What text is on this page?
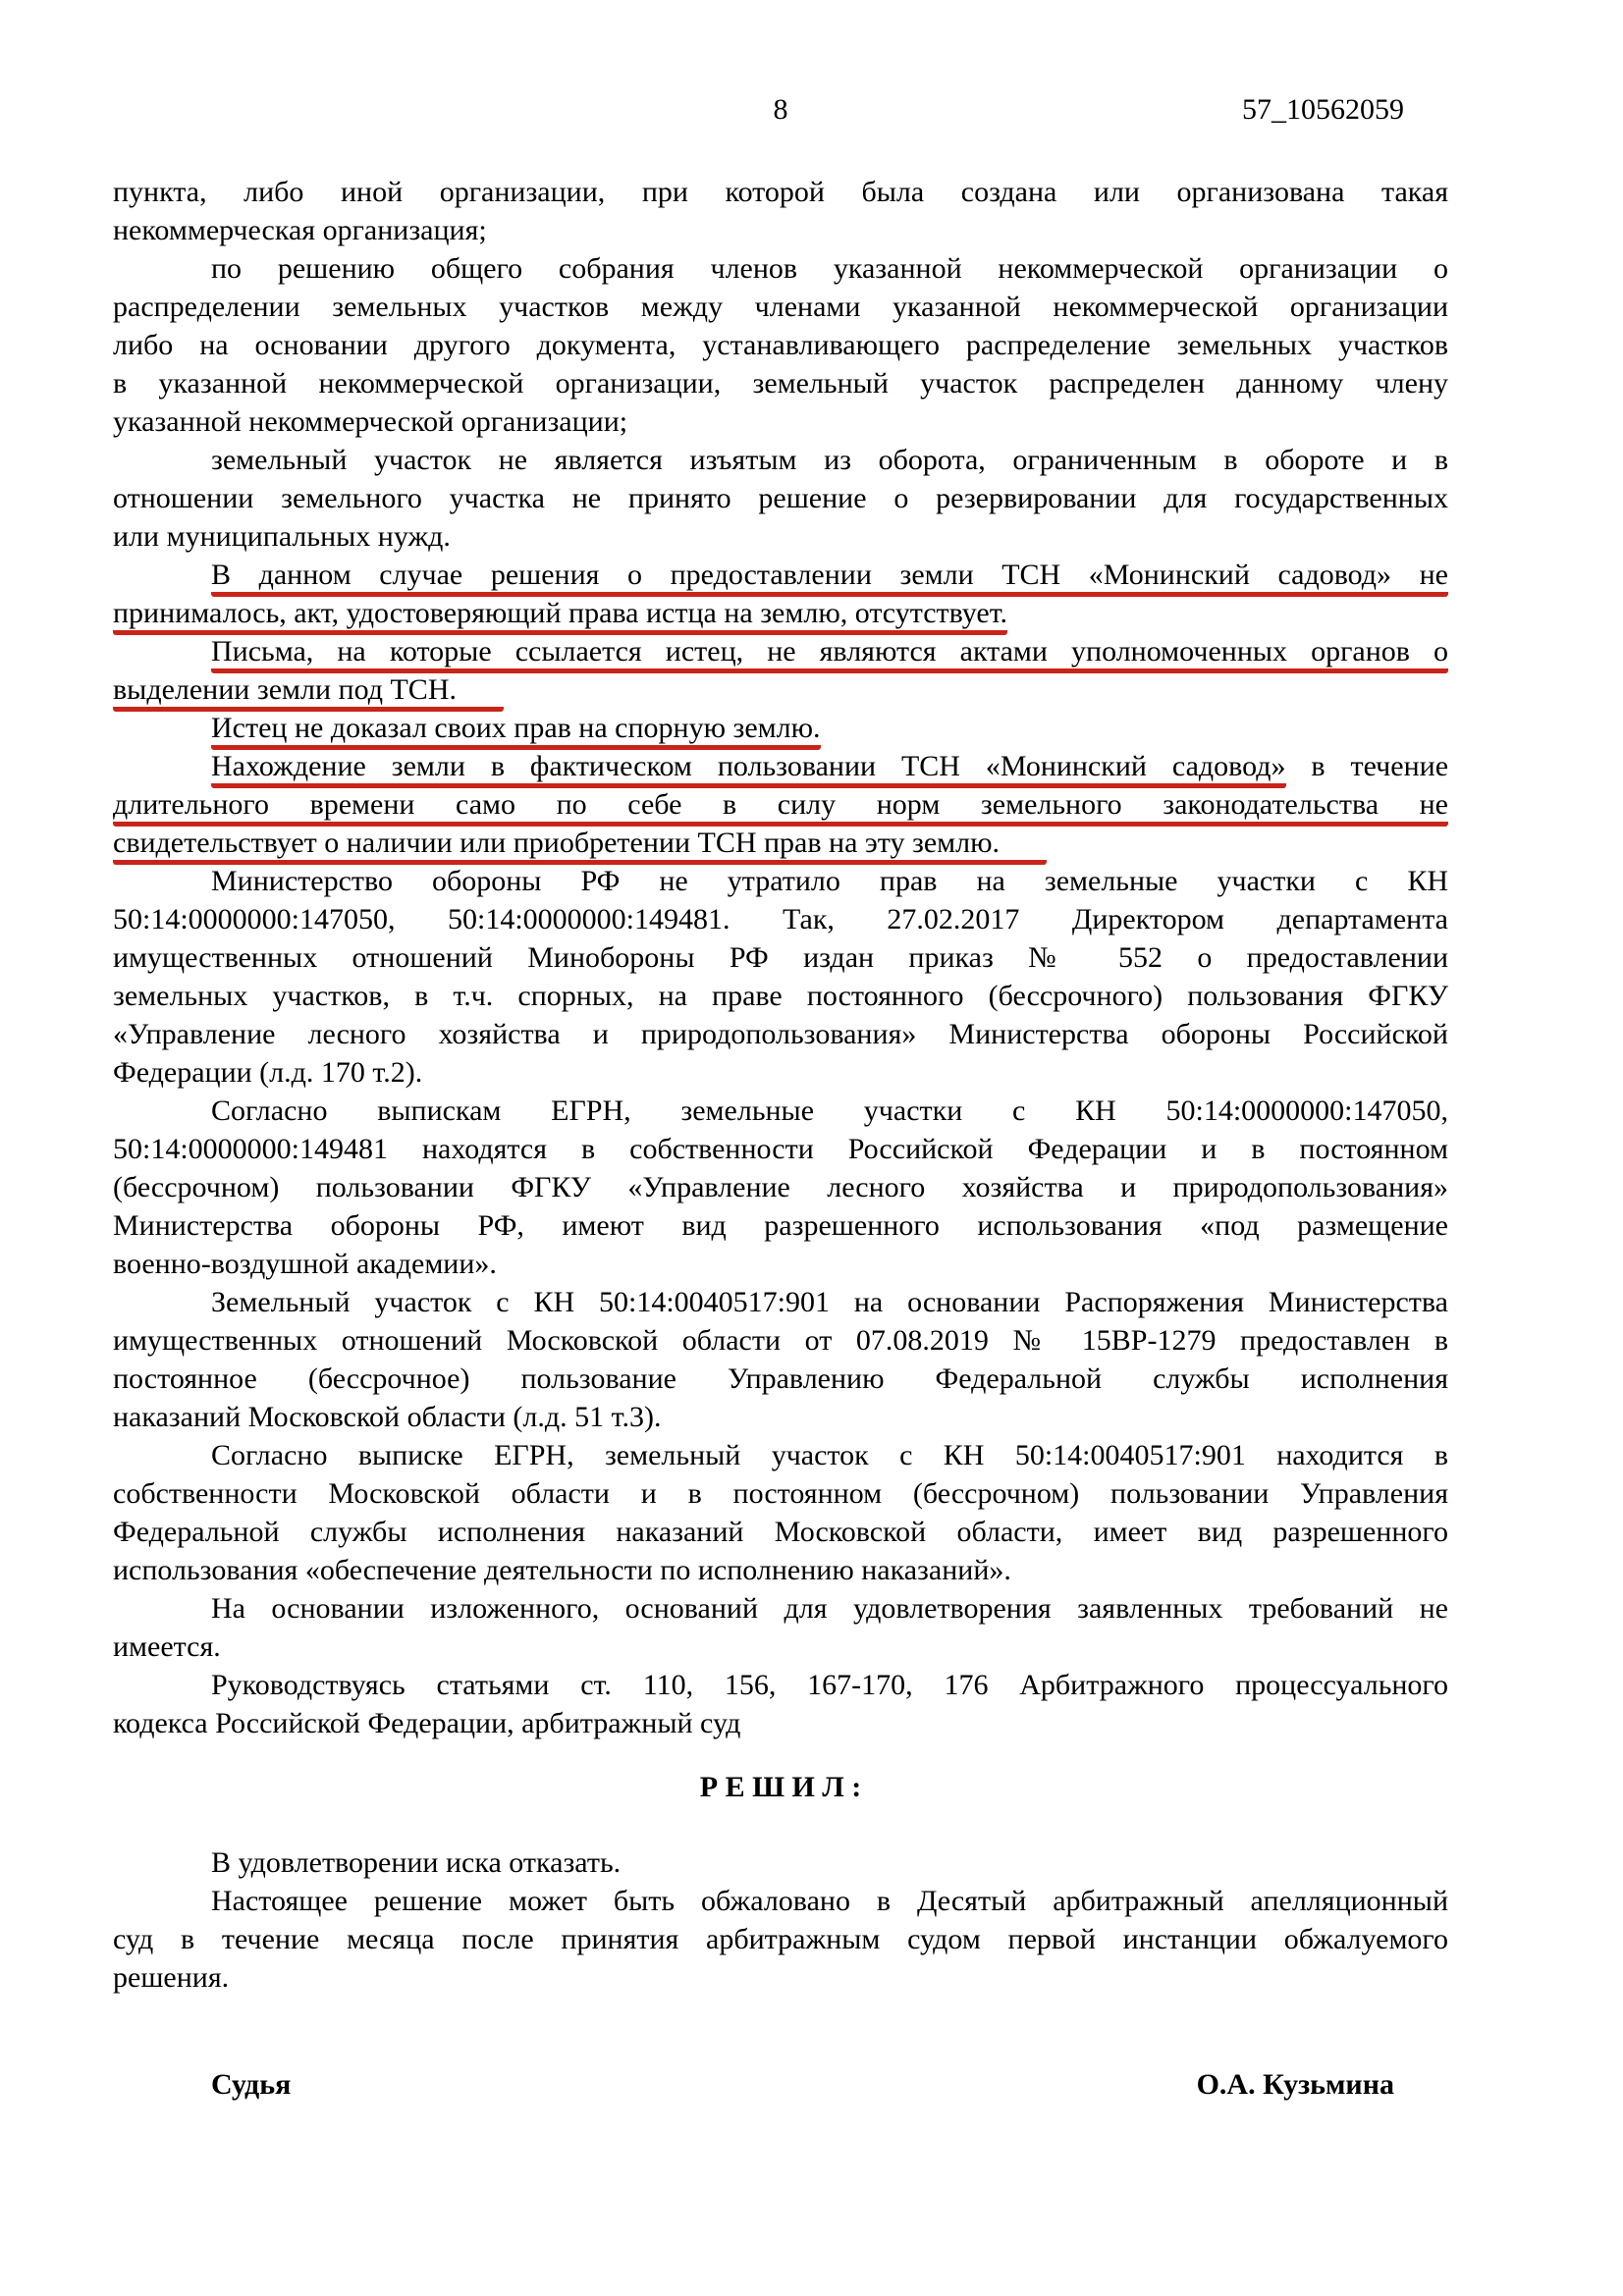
8	57_10562059
пункта, либо иной организации, при которой была создана или организована такая
некоммерческая организация;
по решению общего собрания членов указанной некоммерческой организации о
распределении земельных участков между членами указанной некоммерческой организации
либо на основании другого документа, устанавливающего распределение земельных участков
в указанной некоммерческой организации, земельный участок распределен данному члену
указанной некоммерческой организации;
земельный участок не является изъятым из оборота, ограниченным в обороте и в
отношении земельного участка не принято решение о резервировании для государственных
или муниципальных нужд.
В данном случае решения о предоставлении земли ТСН «Монинский садовод» не
принималось, акт, удостоверяющий права истца на землю, отсутствует.
Письма, на которые ссылается истец, не являются актами уполномоченных органов о
выделении земли под ТСН.
Истец не доказал своих прав на спорную землю.
Нахождение земли в фактическом пользовании ТСН «Монинский садовод» в течение
длительного времени само по себе в силу норм земельного законодательства не
свидетельствует о наличии или приобретении ТСН прав на эту землю.
Министерство обороны РФ не утратило прав на земельные участки с КН
50:14:0000000:147050, 50:14:0000000:149481. Так, 27.02.2017 Директором департамента
имущественных отношений Минобороны РФ издан приказ № 552 о предоставлении
земельных участков, в т.ч. спорных, на праве постоянного (бессрочного) пользования ФГКУ
«Управление лесного хозяйства и природопользования» Министерства обороны Российской
Федерации (л.д. 170 т.2).
Согласно выпискам ЕГРН, земельные участки с КН 50:14:0000000:147050,
50:14:0000000:149481 находятся в собственности Российской Федерации и в постоянном
(бессрочном) пользовании ФГКУ «Управление лесного хозяйства и природопользования»
Министерства обороны РФ, имеют вид разрешенного использования «под размещение
военно-воздушной академии».
Земельный участок с КН 50:14:0040517:901 на основании Распоряжения Министерства
имущественных отношений Московской области от 07.08.2019 № 15ВР-1279 предоставлен в
постоянное (бессрочное) пользование Управлению Федеральной службы исполнения
наказаний Московской области (л.д. 51 т.3).
Согласно выписке ЕГРН, земельный участок с КН 50:14:0040517:901 находится в
собственности Московской области и в постоянном (бессрочном) пользовании Управления
Федеральной службы исполнения наказаний Московской области, имеет вид разрешенного
использования «обеспечение деятельности по исполнению наказаний».
На основании изложенного, оснований для удовлетворения заявленных требований не
имеется.
Руководствуясь статьями ст. 110, 156, 167-170, 176 Арбитражного процессуального
кодекса Российской Федерации, арбитражный суд
Р Е Ш И Л :
В удовлетворении иска отказать.
Настоящее решение может быть обжаловано в Десятый арбитражный апелляционный
суд в течение месяца после принятия арбитражным судом первой инстанции обжалуемого
решения.
Судья	О.А. Кузьмина
